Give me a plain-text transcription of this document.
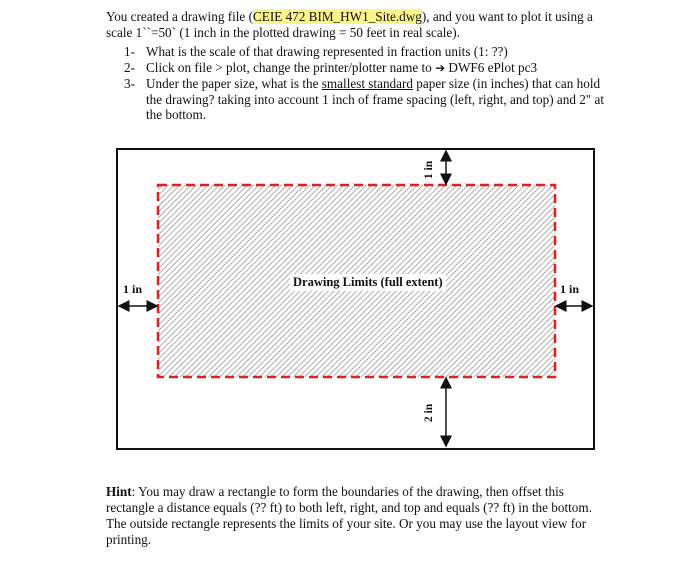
You created a drawing file (CEIE 472 BIM_HW1_Site.dwg), and you want to plot it using a scale 1``=50` (1 inch in the plotted drawing = 50 feet in real scale).
1- What is the scale of that drawing represented in fraction units (1: ??)
2- Click on file > plot, change the printer/plotter name to ➔ DWF6 ePlot pc3
3- Under the paper size, what is the smallest standard paper size (in inches) that can hold the drawing? taking into account 1 inch of frame spacing (left, right, and top) and 2" at the bottom.
Drawing Limits (full extent)
1 in
2 in
1 in	1 in
Hint: You may draw a rectangle to form the boundaries of the drawing, then offset this rectangle a distance equals (?? ft) to both left, right, and top and equals (?? ft) in the bottom. The outside rectangle represents the limits of your site. Or you may use the layout view for printing.
